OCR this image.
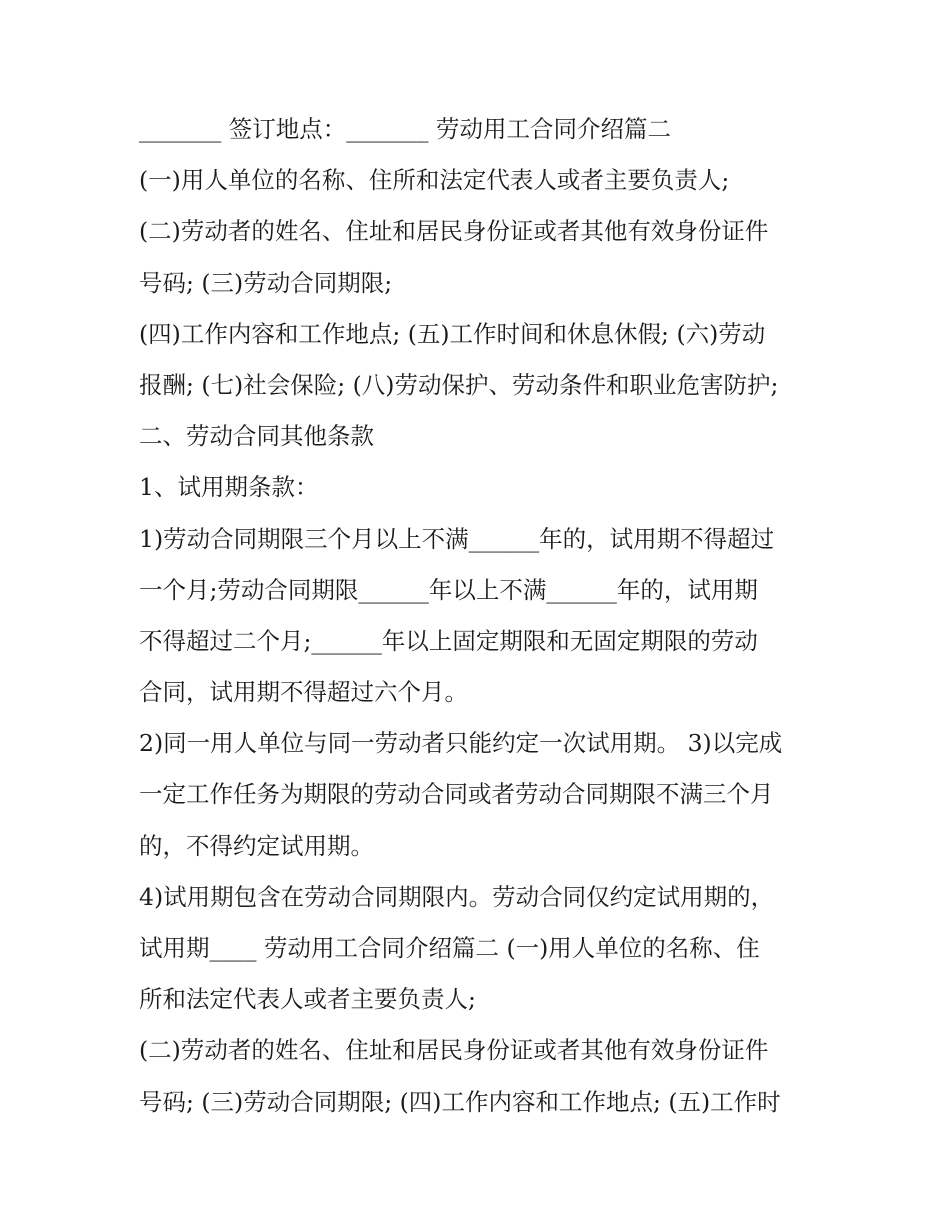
_______ 签订地点：_______ 劳动用工合同介绍篇二
(一)用人单位的名称、住所和法定代表人或者主要负责人;
(二)劳动者的姓名、住址和居民身份证或者其他有效身份证件
号码; (三)劳动合同期限;
(四)工作内容和工作地点; (五)工作时间和休息休假; (六)劳动
报酬; (七)社会保险; (八)劳动保护、劳动条件和职业危害防护;
二、劳动合同其他条款
1、试用期条款：
1)劳动合同期限三个月以上不满______年的，试用期不得超过
一个月;劳动合同期限______年以上不满______年的，试用期
不得超过二个月;______年以上固定期限和无固定期限的劳动
合同，试用期不得超过六个月。
2)同一用人单位与同一劳动者只能约定一次试用期。 3)以完成
一定工作任务为期限的劳动合同或者劳动合同期限不满三个月
的，不得约定试用期。
4)试用期包含在劳动合同期限内。劳动合同仅约定试用期的，
试用期____ 劳动用工合同介绍篇二 (一)用人单位的名称、住
所和法定代表人或者主要负责人;
(二)劳动者的姓名、住址和居民身份证或者其他有效身份证件
号码; (三)劳动合同期限; (四)工作内容和工作地点; (五)工作时
